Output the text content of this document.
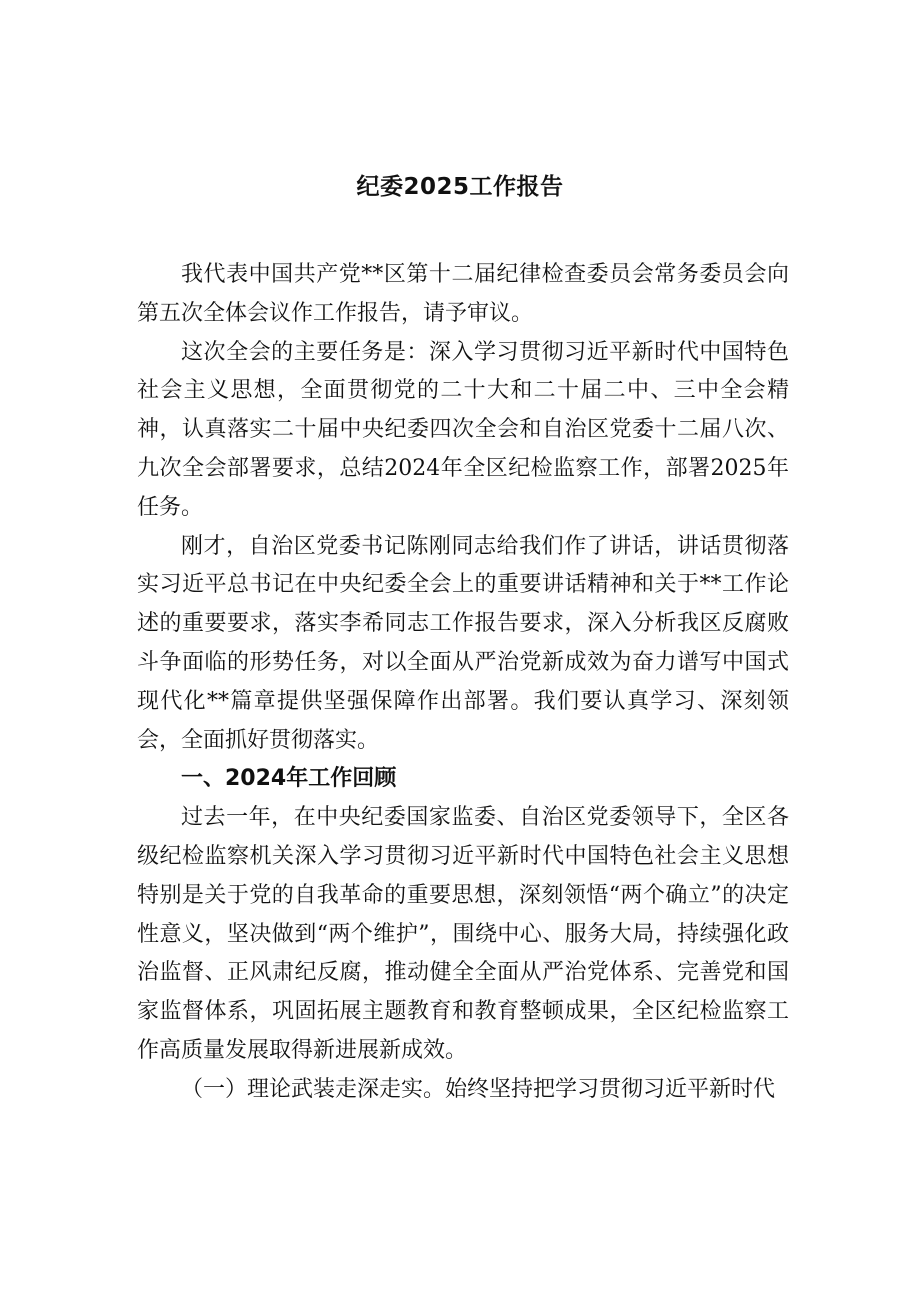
纪委2025工作报告

我代表中国共产党**区第十二届纪律检查委员会常务委员会向第五次全体会议作工作报告，请予审议。

这次全会的主要任务是：深入学习贯彻习近平新时代中国特色社会主义思想，全面贯彻党的二十大和二十届二中、三中全会精神，认真落实二十届中央纪委四次全会和自治区党委十二届八次、九次全会部署要求，总结2024年全区纪检监察工作，部署2025年任务。

刚才，自治区党委书记陈刚同志给我们作了讲话，讲话贯彻落实习近平总书记在中央纪委全会上的重要讲话精神和关于**工作论述的重要要求，落实李希同志工作报告要求，深入分析我区反腐败斗争面临的形势任务，对以全面从严治党新成效为奋力谱写中国式现代化**篇章提供坚强保障作出部署。我们要认真学习、深刻领会，全面抓好贯彻落实。

一、2024年工作回顾

过去一年，在中央纪委国家监委、自治区党委领导下，全区各级纪检监察机关深入学习贯彻习近平新时代中国特色社会主义思想特别是关于党的自我革命的重要思想，深刻领悟“两个确立”的决定性意义，坚决做到“两个维护”，围绕中心、服务大局，持续强化政治监督、正风肃纪反腐，推动健全全面从严治党体系、完善党和国家监督体系，巩固拓展主题教育和教育整顿成果，全区纪检监察工作高质量发展取得新进展新成效。

（一）理论武装走深走实。始终坚持把学习贯彻习近平新时代
